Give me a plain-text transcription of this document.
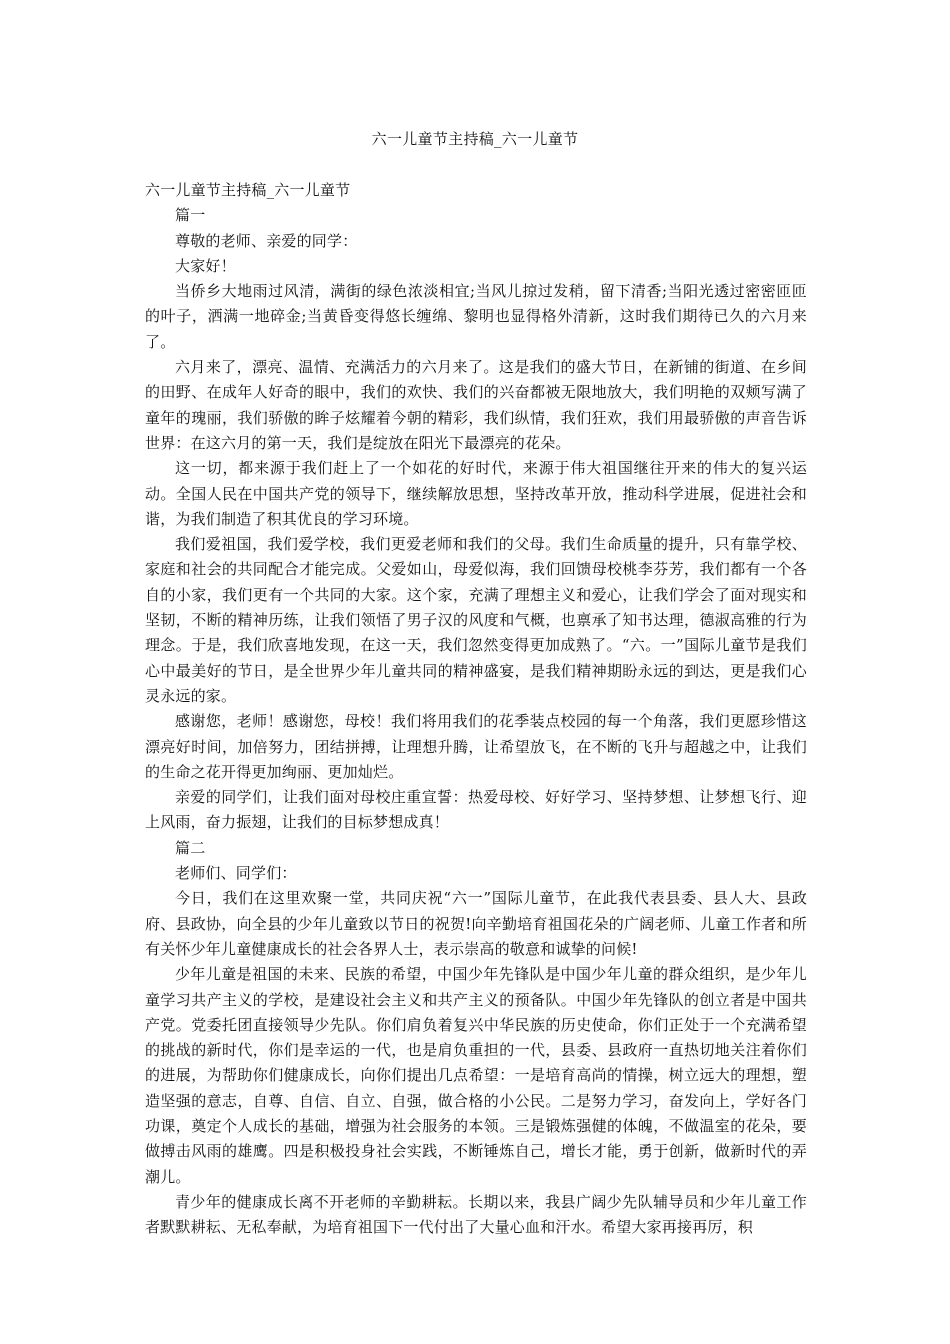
六一儿童节主持稿_六一儿童节

六一儿童节主持稿_六一儿童节

篇一

尊敬的老师、亲爱的同学：

大家好！

当侨乡大地雨过风清，满街的绿色浓淡相宜;当风儿掠过发稍，留下清香;当阳光透过密密匝匝的叶子，洒满一地碎金;当黄昏变得悠长缠绵、黎明也显得格外清新，这时我们期待已久的六月来了。

六月来了，漂亮、温情、充满活力的六月来了。这是我们的盛大节日，在新铺的街道、在乡间的田野、在成年人好奇的眼中，我们的欢快、我们的兴奋都被无限地放大，我们明艳的双颊写满了童年的瑰丽，我们骄傲的眸子炫耀着今朝的精彩，我们纵情，我们狂欢，我们用最骄傲的声音告诉世界：在这六月的第一天，我们是绽放在阳光下最漂亮的花朵。

这一切，都来源于我们赶上了一个如花的好时代，来源于伟大祖国继往开来的伟大的复兴运动。全国人民在中国共产党的领导下，继续解放思想，坚持改革开放，推动科学进展，促进社会和谐，为我们制造了积其优良的学习环境。

我们爱祖国，我们爱学校，我们更爱老师和我们的父母。我们生命质量的提升，只有靠学校、家庭和社会的共同配合才能完成。父爱如山，母爱似海，我们回馈母校桃李芬芳，我们都有一个各自的小家，我们更有一个共同的大家。这个家，充满了理想主义和爱心，让我们学会了面对现实和坚韧，不断的精神历练，让我们领悟了男子汉的风度和气概，也禀承了知书达理，德淑高雅的行为理念。于是，我们欣喜地发现，在这一天，我们忽然变得更加成熟了。“六。一”国际儿童节是我们心中最美好的节日，是全世界少年儿童共同的精神盛宴，是我们精神期盼永远的到达，更是我们心灵永远的家。

感谢您，老师！感谢您，母校！我们将用我们的花季装点校园的每一个角落，我们更愿珍惜这漂亮好时间，加倍努力，团结拼搏，让理想升腾，让希望放飞，在不断的飞升与超越之中，让我们的生命之花开得更加绚丽、更加灿烂。

亲爱的同学们，让我们面对母校庄重宣誓：热爱母校、好好学习、坚持梦想、让梦想飞行、迎上风雨，奋力振翅，让我们的目标梦想成真！

篇二

老师们、同学们：

今日，我们在这里欢聚一堂，共同庆祝“六一”国际儿童节，在此我代表县委、县人大、县政府、县政协，向全县的少年儿童致以节日的祝贺!向辛勤培育祖国花朵的广阔老师、儿童工作者和所有关怀少年儿童健康成长的社会各界人士，表示崇高的敬意和诚挚的问候!

少年儿童是祖国的未来、民族的希望，中国少年先锋队是中国少年儿童的群众组织，是少年儿童学习共产主义的学校，是建设社会主义和共产主义的预备队。中国少年先锋队的创立者是中国共产党。党委托团直接领导少先队。你们肩负着复兴中华民族的历史使命，你们正处于一个充满希望的挑战的新时代，你们是幸运的一代，也是肩负重担的一代，县委、县政府一直热切地关注着你们的进展，为帮助你们健康成长，向你们提出几点希望：一是培育高尚的情操，树立远大的理想，塑造坚强的意志，自尊、自信、自立、自强，做合格的小公民。二是努力学习，奋发向上，学好各门功课，奠定个人成长的基础，增强为社会服务的本领。三是锻炼强健的体魄，不做温室的花朵，要做搏击风雨的雄鹰。四是积极投身社会实践，不断锤炼自己，增长才能，勇于创新，做新时代的弄潮儿。

青少年的健康成长离不开老师的辛勤耕耘。长期以来，我县广阔少先队辅导员和少年儿童工作者默默耕耘、无私奉献，为培育祖国下一代付出了大量心血和汗水。希望大家再接再厉，积
